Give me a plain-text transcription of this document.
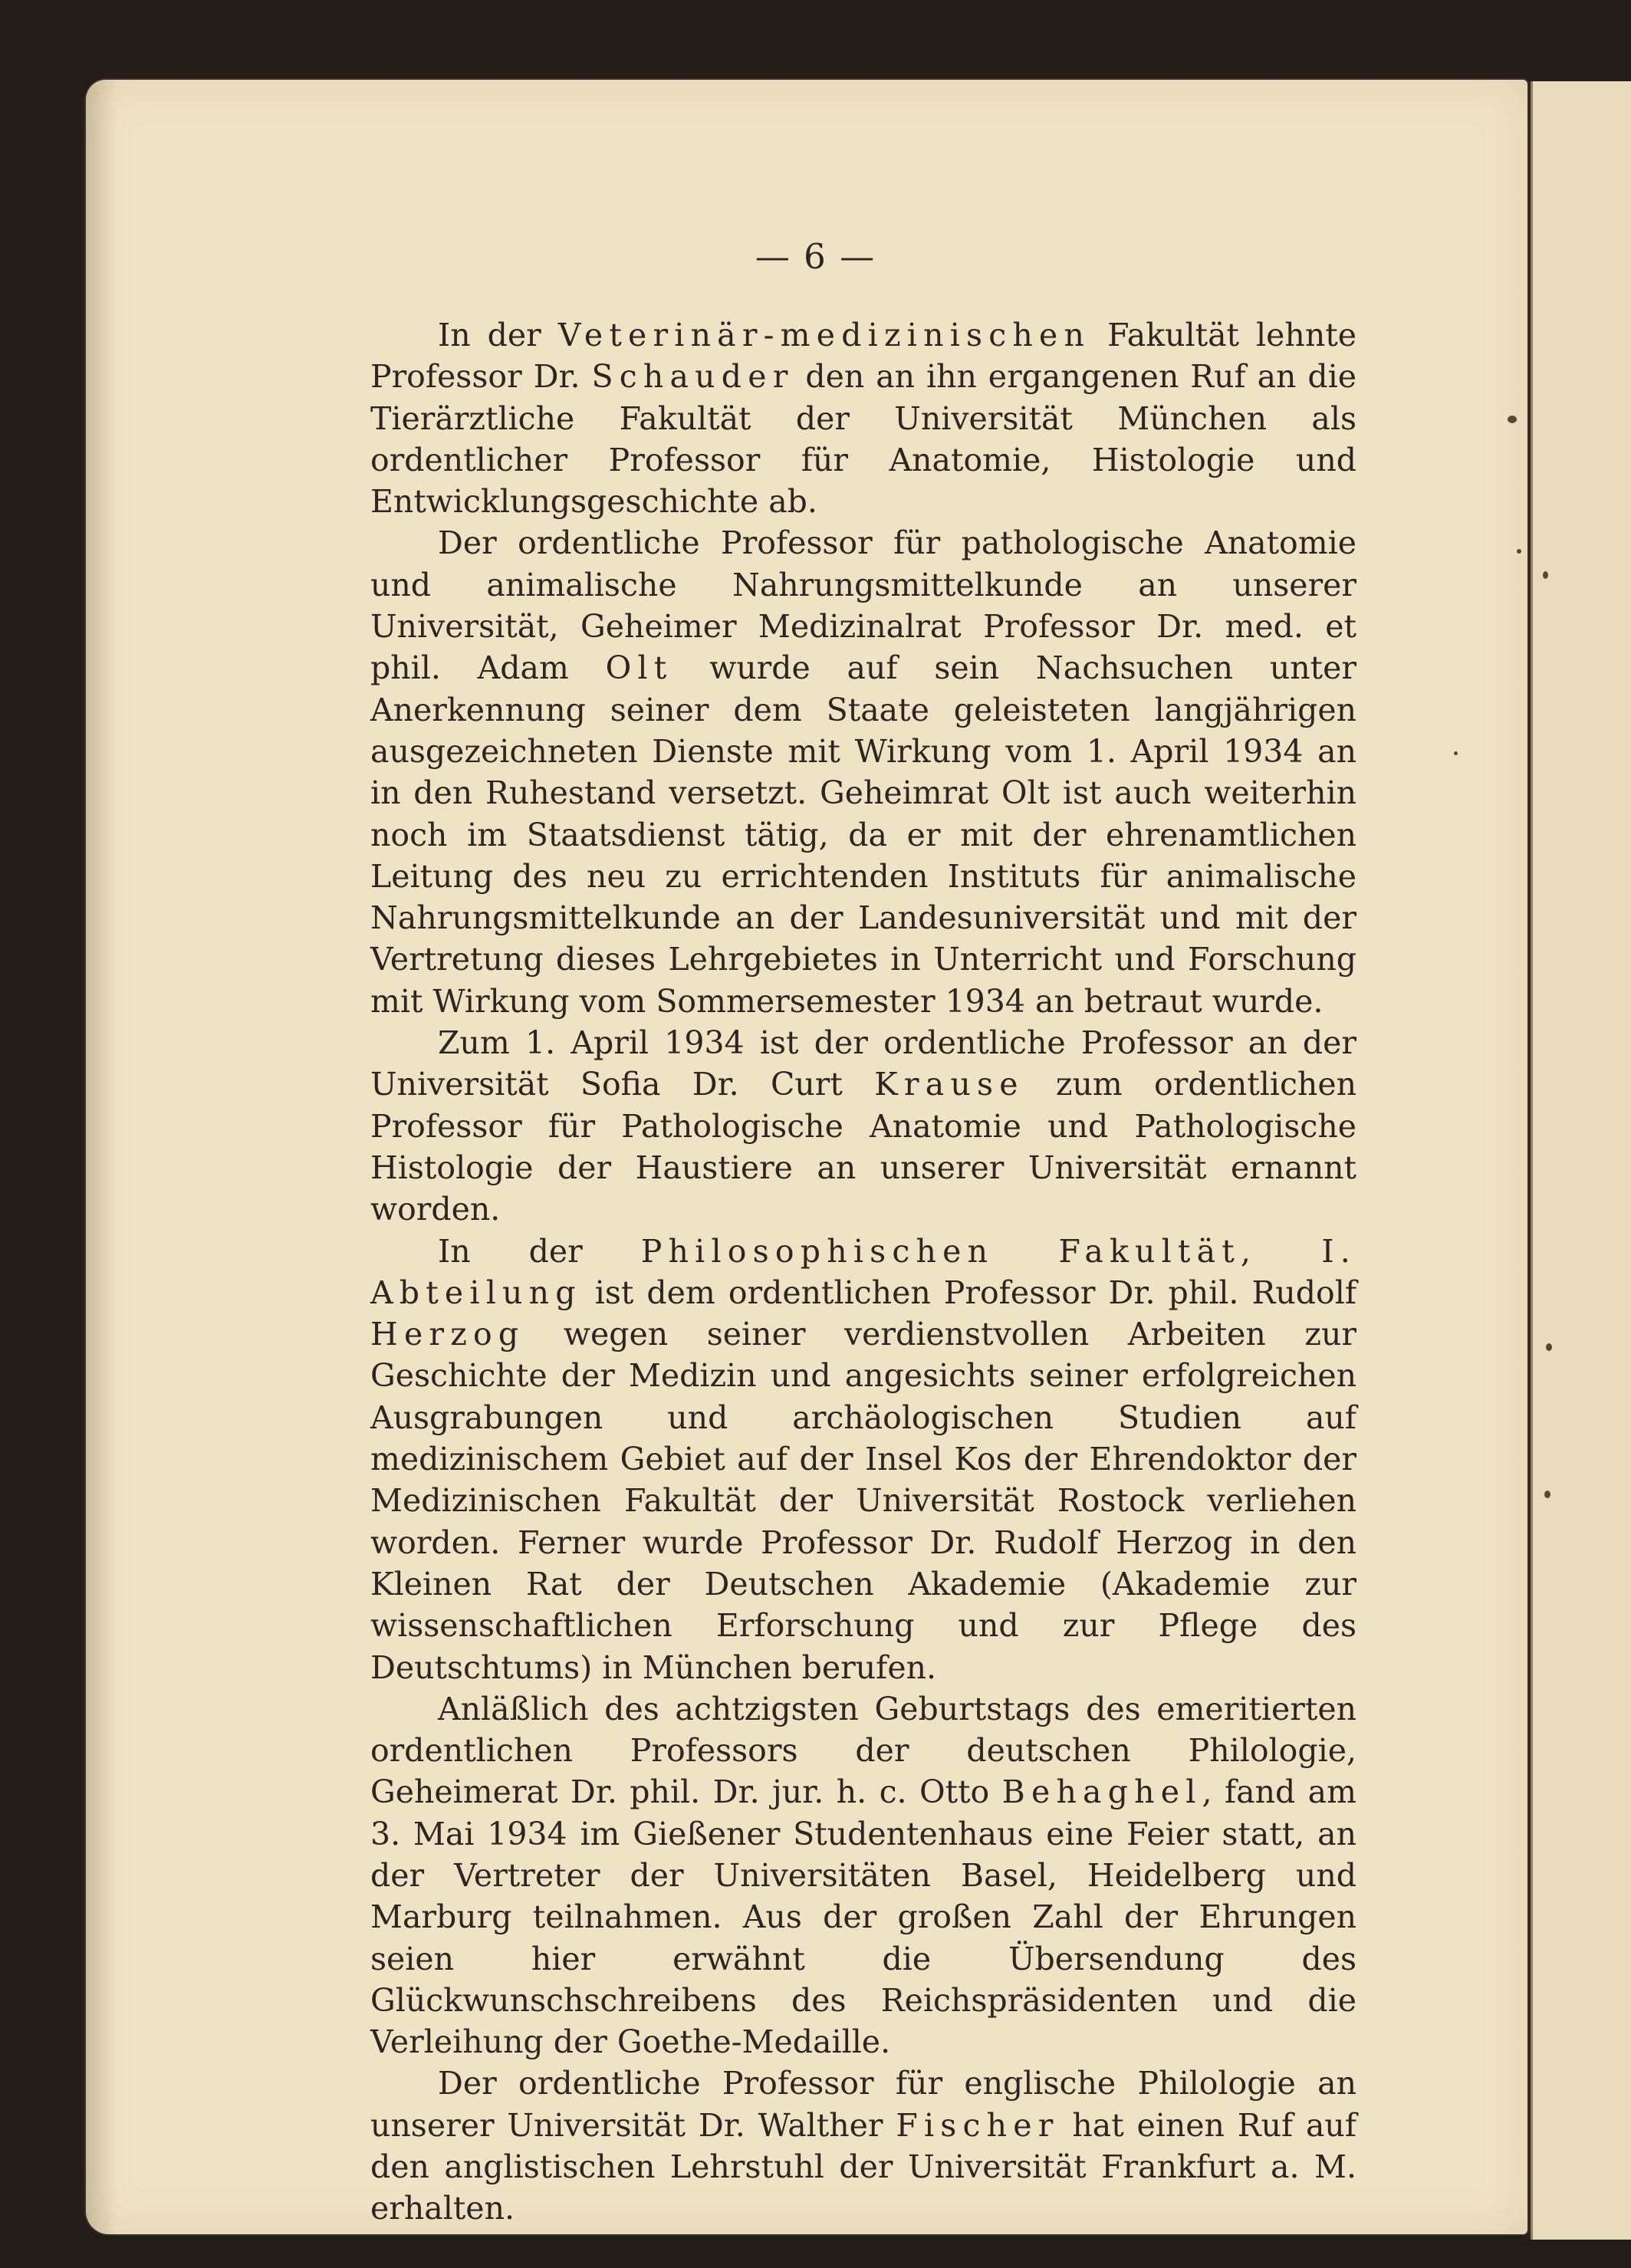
— 6 —

In der Veterinär-medizinischen Fakultät lehnte Professor Dr. Schauder den an ihn ergangenen Ruf an die Tierärztliche Fakultät der Universität München als ordentlicher Professor für Anatomie, Histologie und Entwicklungsgeschichte ab.

Der ordentliche Professor für pathologische Anatomie und animalische Nahrungsmittelkunde an unserer Universität, Geheimer Medizinalrat Professor Dr. med. et phil. Adam Olt wurde auf sein Nachsuchen unter Anerkennung seiner dem Staate geleisteten langjährigen ausgezeichneten Dienste mit Wirkung vom 1. April 1934 an in den Ruhestand versetzt. Geheimrat Olt ist auch weiterhin noch im Staatsdienst tätig, da er mit der ehrenamtlichen Leitung des neu zu errichtenden Instituts für animalische Nahrungsmittelkunde an der Landesuniversität und mit der Vertretung dieses Lehrgebietes in Unterricht und Forschung mit Wirkung vom Sommersemester 1934 an betraut wurde.

Zum 1. April 1934 ist der ordentliche Professor an der Universität Sofia Dr. Curt Krause zum ordentlichen Professor für Pathologische Anatomie und Pathologische Histologie der Haustiere an unserer Universität ernannt worden.

In der Philosophischen Fakultät, I. Abteilung ist dem ordentlichen Professor Dr. phil. Rudolf Herzog wegen seiner verdienstvollen Arbeiten zur Geschichte der Medizin und angesichts seiner erfolgreichen Ausgrabungen und archäologischen Studien auf medizinischem Gebiet auf der Insel Kos der Ehrendoktor der Medizinischen Fakultät der Universität Rostock verliehen worden. Ferner wurde Professor Dr. Rudolf Herzog in den Kleinen Rat der Deutschen Akademie (Akademie zur wissenschaftlichen Erforschung und zur Pflege des Deutschtums) in München berufen.

Anläßlich des achtzigsten Geburtstags des emeritierten ordentlichen Professors der deutschen Philologie, Geheimerat Dr. phil. Dr. jur. h. c. Otto Behaghel, fand am 3. Mai 1934 im Gießener Studentenhaus eine Feier statt, an der Vertreter der Universitäten Basel, Heidelberg und Marburg teilnahmen. Aus der großen Zahl der Ehrungen seien hier erwähnt die Übersendung des Glückwunschschreibens des Reichspräsidenten und die Verleihung der Goethe-Medaille.

Der ordentliche Professor für englische Philologie an unserer Universität Dr. Walther Fischer hat einen Ruf auf den anglistischen Lehrstuhl der Universität Frankfurt a. M. erhalten.
